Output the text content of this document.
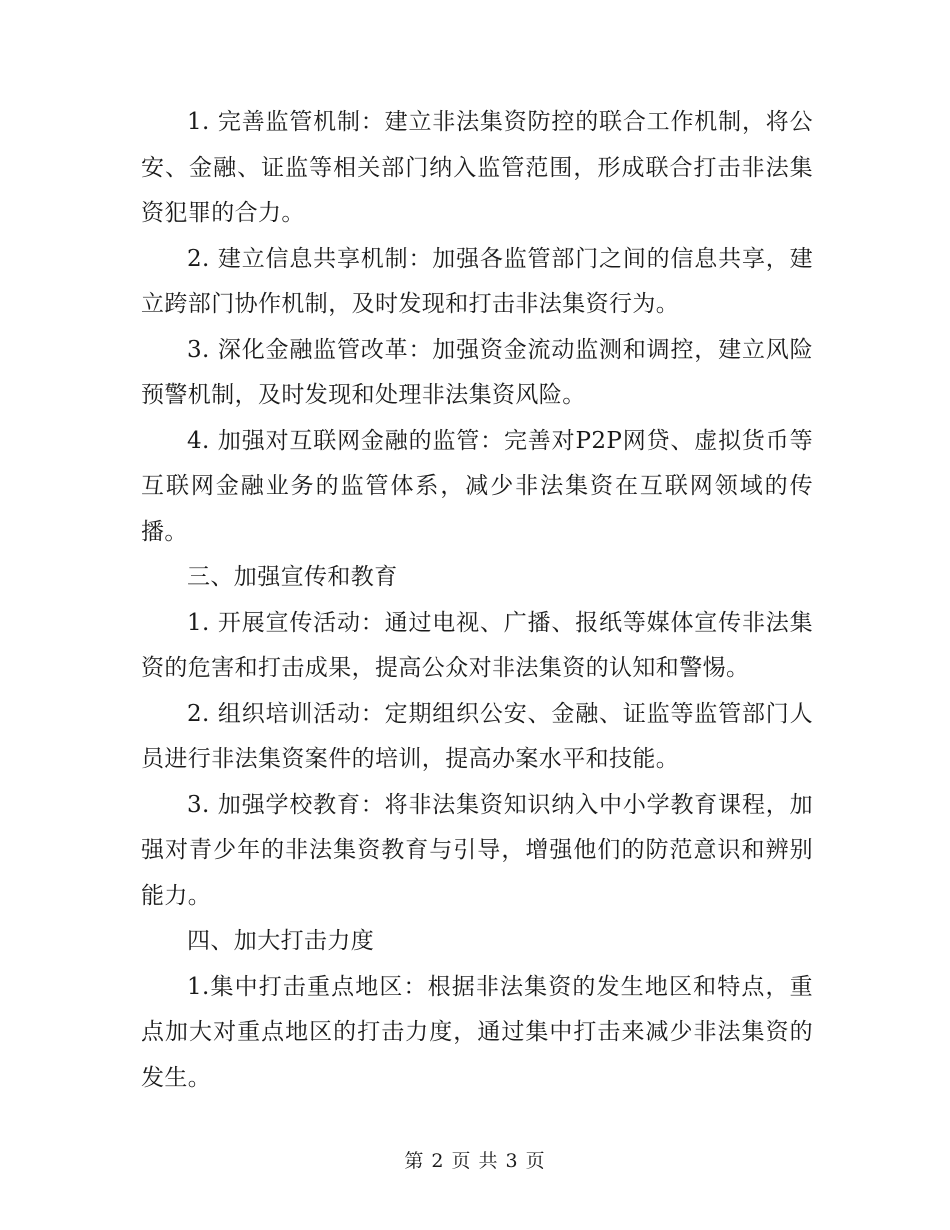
1. 完善监管机制：建立非法集资防控的联合工作机制，将公安、金融、证监等相关部门纳入监管范围，形成联合打击非法集资犯罪的合力。

2. 建立信息共享机制：加强各监管部门之间的信息共享，建立跨部门协作机制，及时发现和打击非法集资行为。

3. 深化金融监管改革：加强资金流动监测和调控，建立风险预警机制，及时发现和处理非法集资风险。

4. 加强对互联网金融的监管：完善对P2P网贷、虚拟货币等互联网金融业务的监管体系，减少非法集资在互联网领域的传播。

三、加强宣传和教育

1. 开展宣传活动：通过电视、广播、报纸等媒体宣传非法集资的危害和打击成果，提高公众对非法集资的认知和警惕。

2. 组织培训活动：定期组织公安、金融、证监等监管部门人员进行非法集资案件的培训，提高办案水平和技能。

3. 加强学校教育：将非法集资知识纳入中小学教育课程，加强对青少年的非法集资教育与引导，增强他们的防范意识和辨别能力。

四、加大打击力度

1.集中打击重点地区：根据非法集资的发生地区和特点，重点加大对重点地区的打击力度，通过集中打击来减少非法集资的发生。

第 2 页 共 3 页
